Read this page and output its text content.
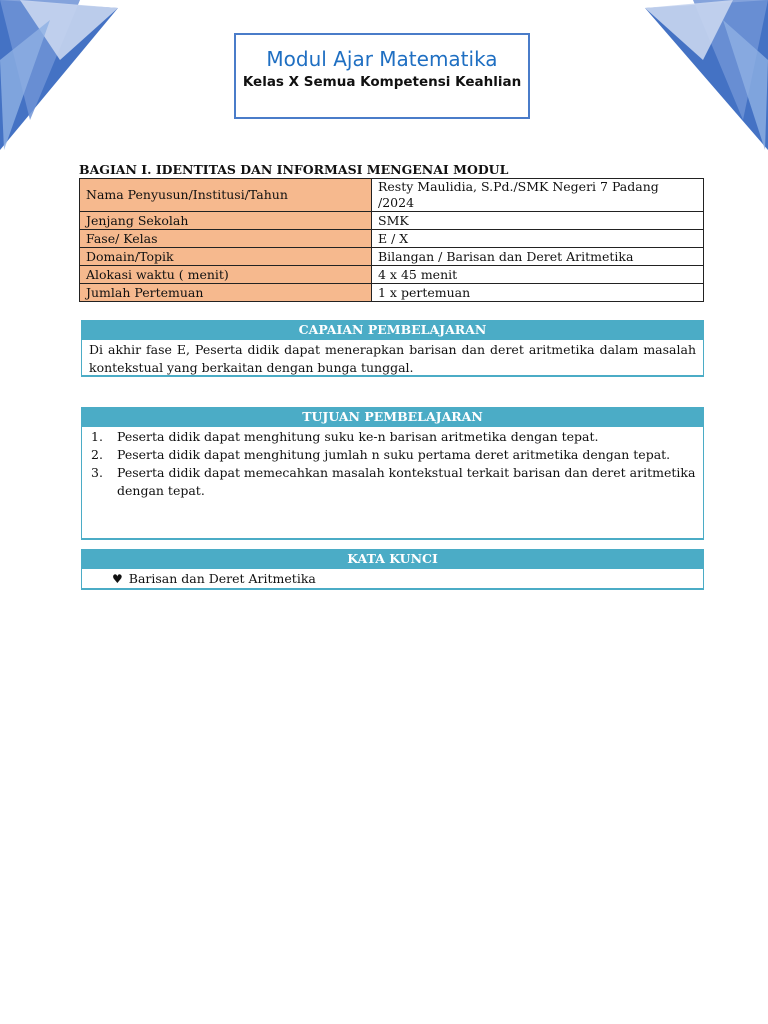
Modul Ajar Matematika
Kelas X Semua Kompetensi Keahlian
BAGIAN I. IDENTITAS DAN INFORMASI MENGENAI MODUL
Nama Penyusun/Institusi/Tahun	Resty Maulidia, S.Pd./SMK Negeri 7 Padang /2024
Jenjang Sekolah	SMK
Fase/ Kelas	E / X
Domain/Topik	Bilangan / Barisan dan Deret Aritmetika
Alokasi waktu ( menit)	4 x 45 menit
Jumlah Pertemuan	1 x pertemuan
CAPAIAN PEMBELAJARAN
Di akhir fase E, Peserta didik dapat menerapkan barisan dan deret aritmetika dalam masalah kontekstual yang berkaitan dengan bunga tunggal.
TUJUAN PEMBELAJARAN
1. Peserta didik dapat menghitung suku ke-n barisan aritmetika dengan tepat.
2. Peserta didik dapat menghitung jumlah n suku pertama deret aritmetika dengan tepat.
3. Peserta didik dapat memecahkan masalah kontekstual terkait barisan dan deret aritmetika dengan tepat.
KATA KUNCI
♥ Barisan dan Deret Aritmetika
